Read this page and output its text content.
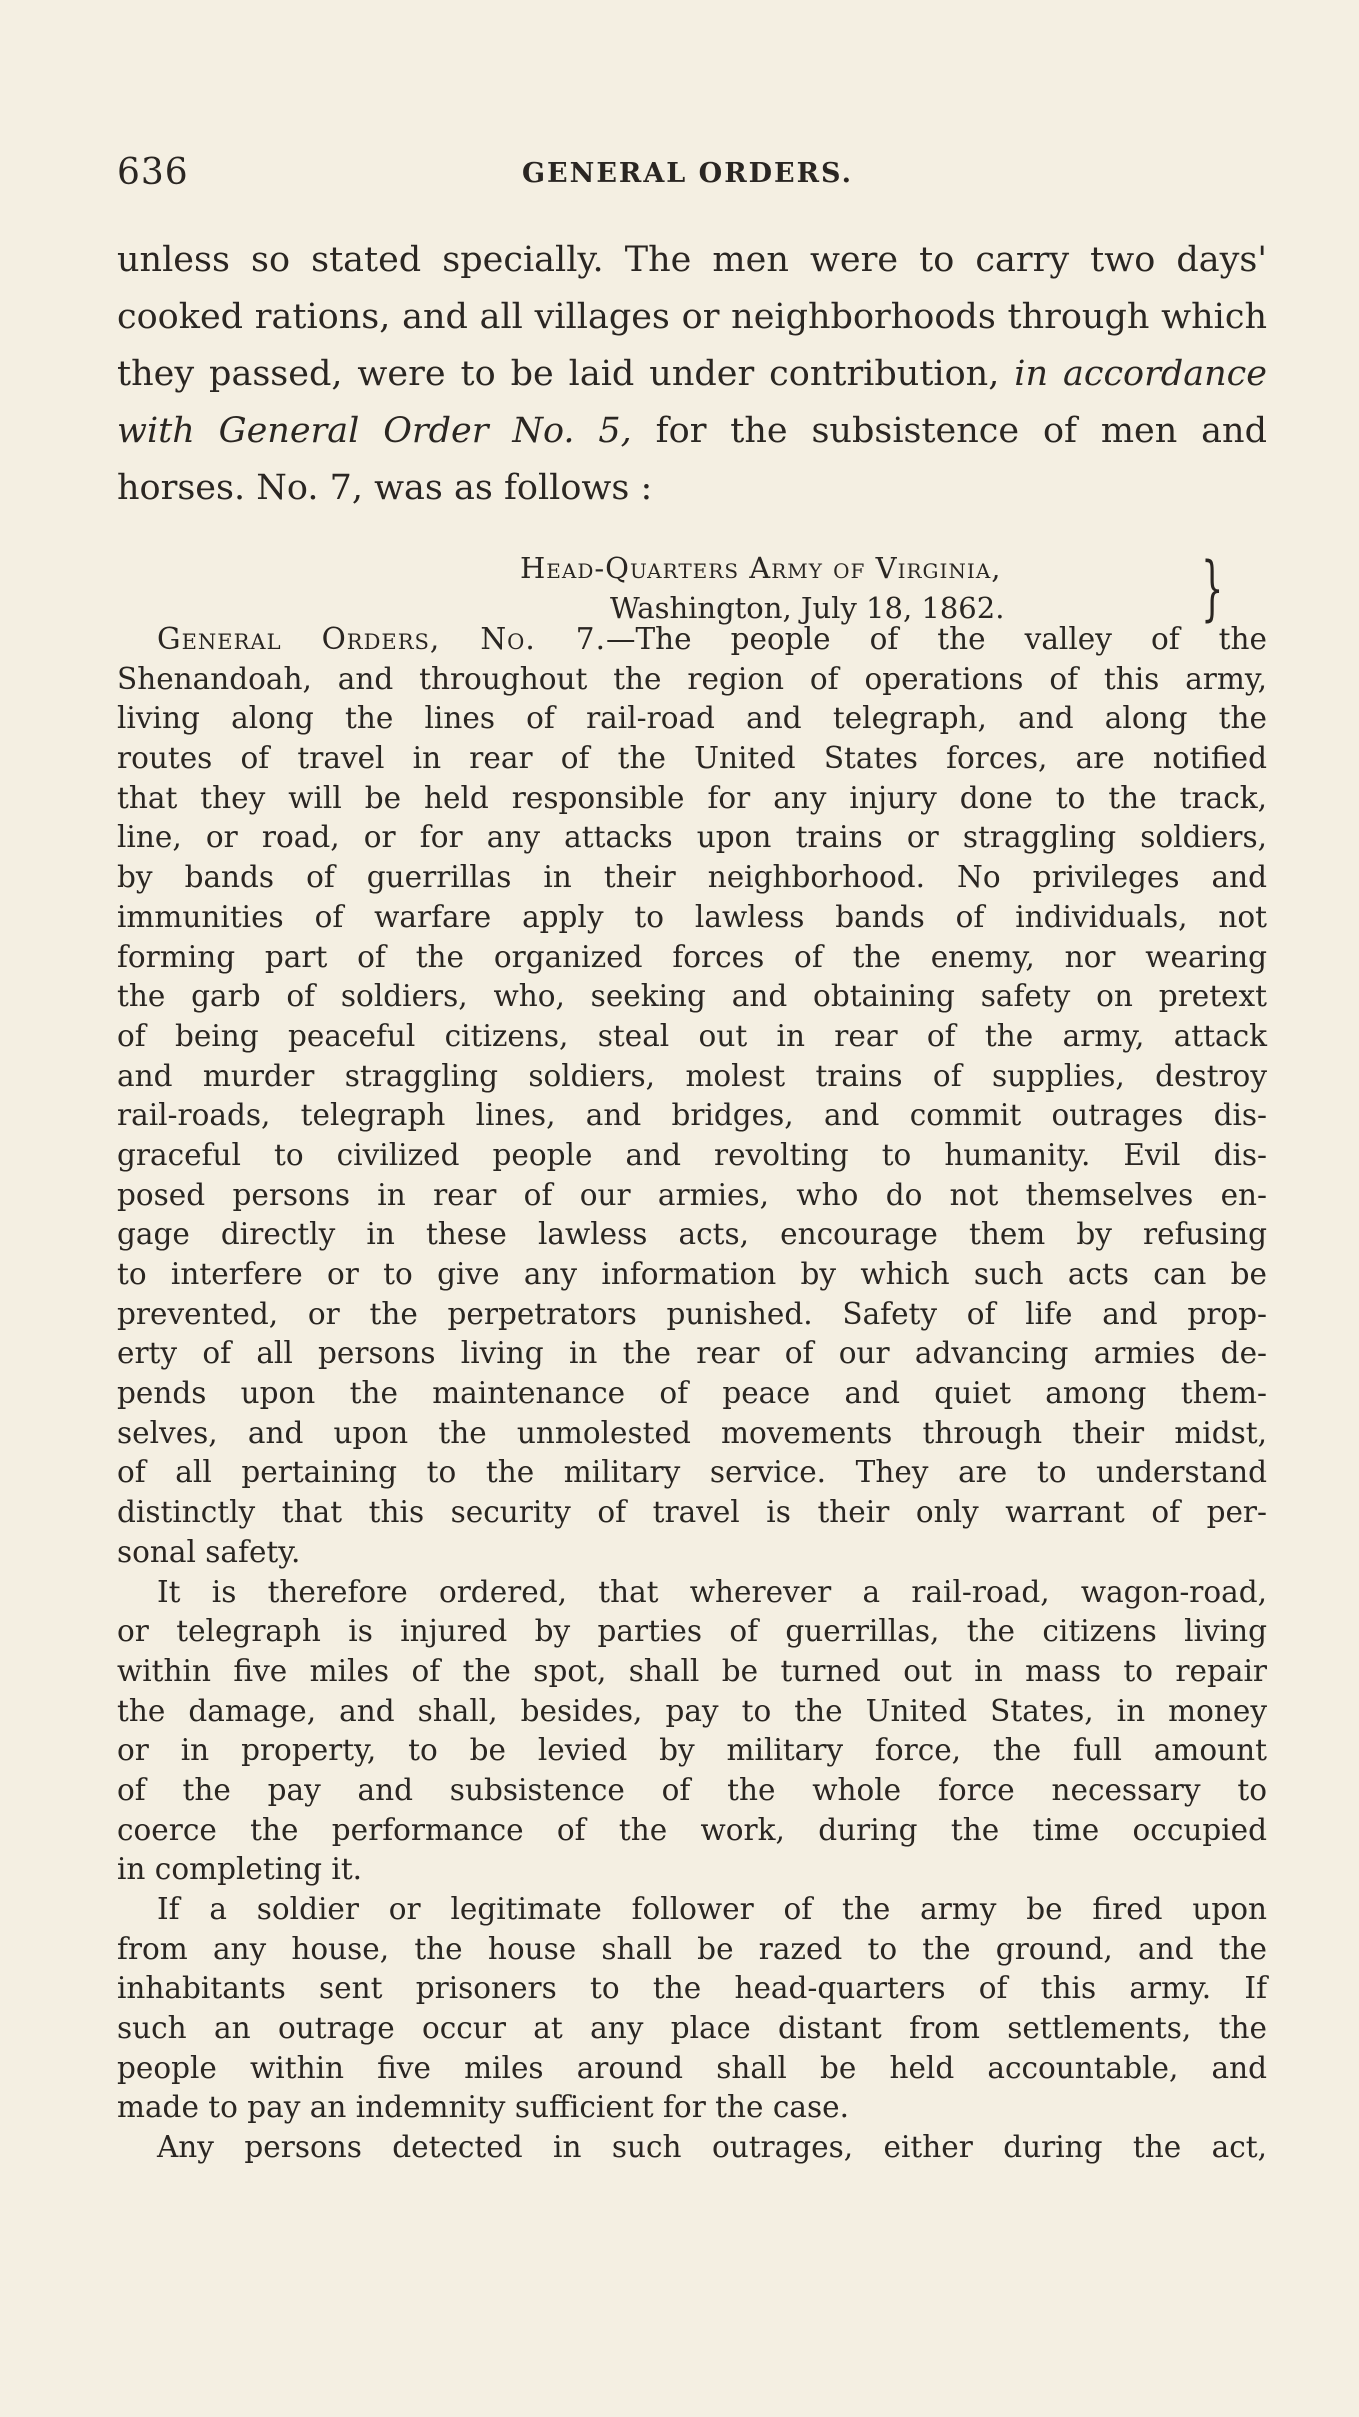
636	GENERAL ORDERS.
unless so stated specially. The men were to carry two days'
cooked rations, and all villages or neighborhoods through which
they passed, were to be laid under contribution, in accordance
with General Order No. 5, for the subsistence of men and
horses. No. 7, was as follows :
Head-Quarters Army of Virginia,
Washington, July 18, 1862.	}
General Orders, No. 7.—The people of the valley of the
Shenandoah, and throughout the region of operations of this army,
living along the lines of rail-road and telegraph, and along the
routes of travel in rear of the United States forces, are notified
that they will be held responsible for any injury done to the track,
line, or road, or for any attacks upon trains or straggling soldiers,
by bands of guerrillas in their neighborhood. No privileges and
immunities of warfare apply to lawless bands of individuals, not
forming part of the organized forces of the enemy, nor wearing
the garb of soldiers, who, seeking and obtaining safety on pretext
of being peaceful citizens, steal out in rear of the army, attack
and murder straggling soldiers, molest trains of supplies, destroy
rail-roads, telegraph lines, and bridges, and commit outrages dis-
graceful to civilized people and revolting to humanity. Evil dis-
posed persons in rear of our armies, who do not themselves en-
gage directly in these lawless acts, encourage them by refusing
to interfere or to give any information by which such acts can be
prevented, or the perpetrators punished. Safety of life and prop-
erty of all persons living in the rear of our advancing armies de-
pends upon the maintenance of peace and quiet among them-
selves, and upon the unmolested movements through their midst,
of all pertaining to the military service. They are to understand
distinctly that this security of travel is their only warrant of per-
sonal safety.
It is therefore ordered, that wherever a rail-road, wagon-road,
or telegraph is injured by parties of guerrillas, the citizens living
within five miles of the spot, shall be turned out in mass to repair
the damage, and shall, besides, pay to the United States, in money
or in property, to be levied by military force, the full amount
of the pay and subsistence of the whole force necessary to
coerce the performance of the work, during the time occupied
in completing it.
If a soldier or legitimate follower of the army be fired upon
from any house, the house shall be razed to the ground, and the
inhabitants sent prisoners to the head-quarters of this army. If
such an outrage occur at any place distant from settlements, the
people within five miles around shall be held accountable, and
made to pay an indemnity sufficient for the case.
Any persons detected in such outrages, either during the act,
